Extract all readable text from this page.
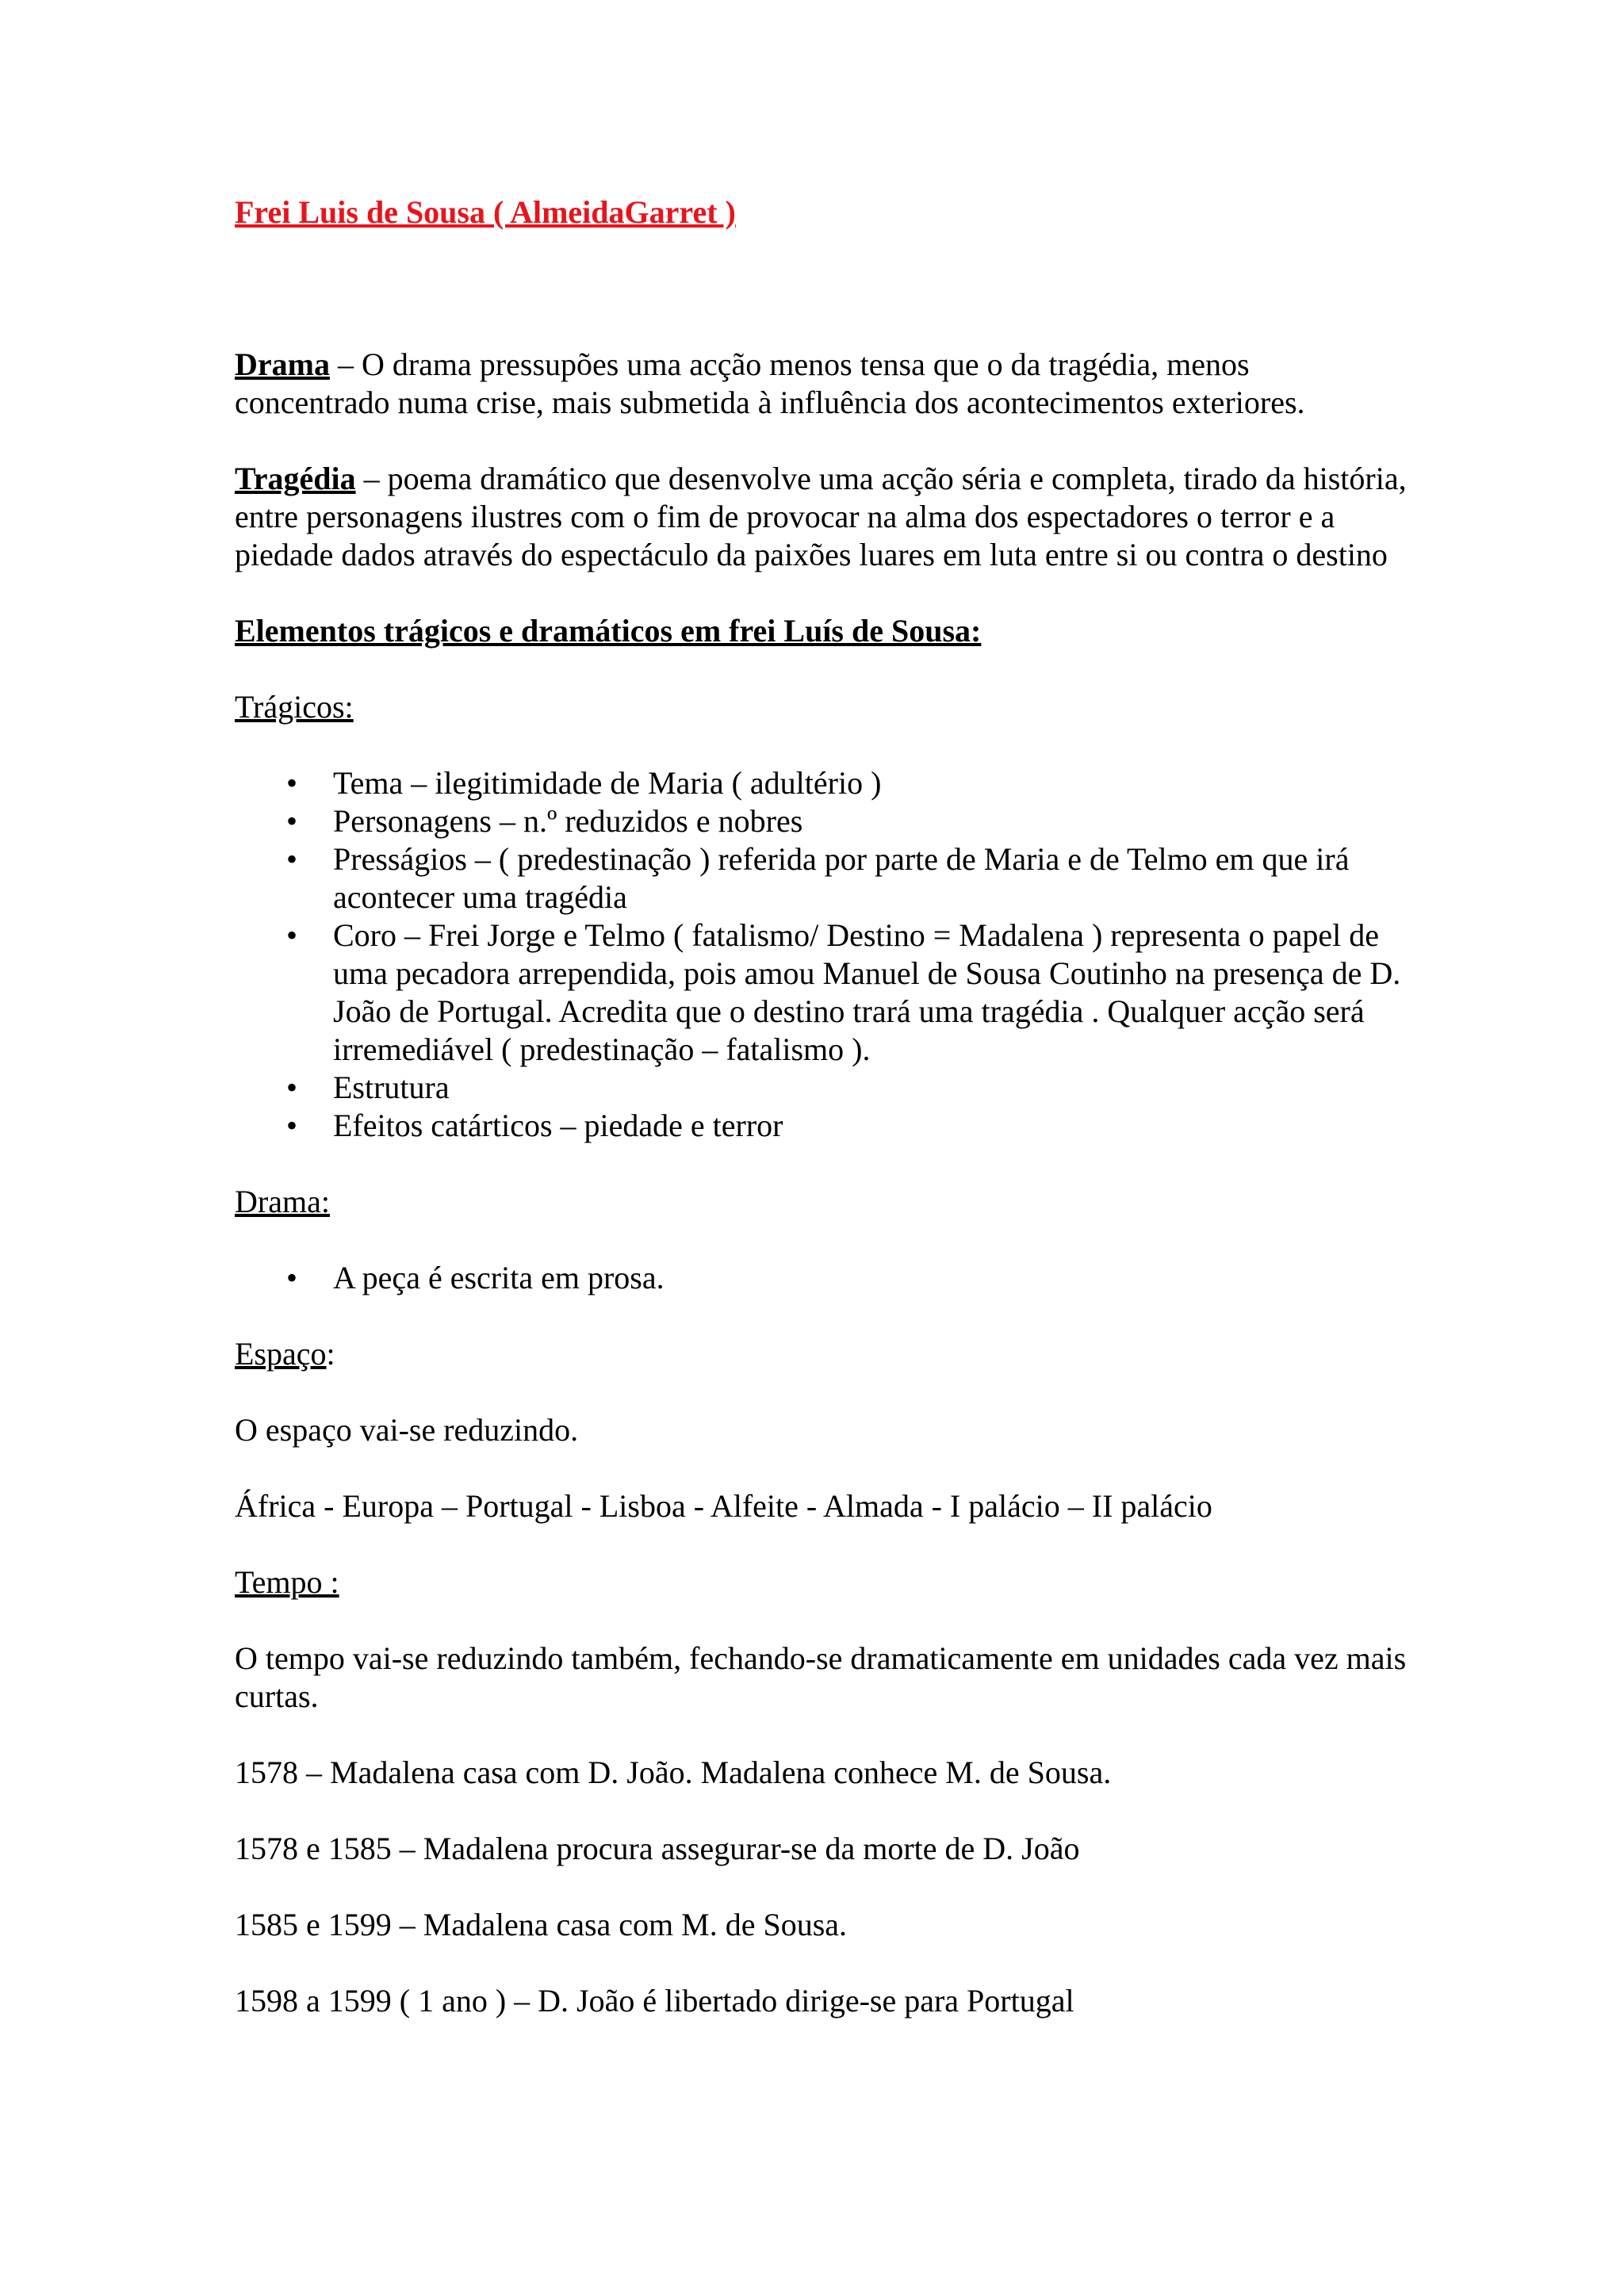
Frei Luis de Sousa ( AlmeidaGarret )

Drama – O drama pressupões uma acção menos tensa que o da tragédia, menos concentrado numa crise, mais submetida à influência dos acontecimentos exteriores.

Tragédia – poema dramático que desenvolve uma acção séria e completa, tirado da história, entre personagens ilustres com o fim de provocar na alma dos espectadores o terror e a piedade dados através do espectáculo da paixões luares em luta entre si ou contra o destino

Elementos trágicos e dramáticos em frei Luís de Sousa:

Trágicos:

• Tema – ilegitimidade de Maria ( adultério )
• Personagens – n.º reduzidos e nobres
• Presságios – ( predestinação ) referida por parte de Maria e de Telmo em que irá acontecer uma tragédia
• Coro – Frei Jorge e Telmo ( fatalismo/ Destino = Madalena ) representa o papel de uma pecadora arrependida, pois amou Manuel de Sousa Coutinho na presença de D. João de Portugal. Acredita que o destino trará uma tragédia . Qualquer acção será irremediável ( predestinação – fatalismo ).
• Estrutura
• Efeitos catárticos – piedade e terror

Drama:

• A peça é escrita em prosa.

Espaço:

O espaço vai-se reduzindo.

África - Europa – Portugal - Lisboa - Alfeite - Almada - I palácio – II palácio

Tempo :

O tempo vai-se reduzindo também, fechando-se dramaticamente em unidades cada vez mais curtas.

1578 – Madalena casa com D. João. Madalena conhece M. de Sousa.

1578 e 1585 – Madalena procura assegurar-se da morte de D. João

1585 e 1599 – Madalena casa com M. de Sousa.

1598 a 1599 ( 1 ano ) – D. João é libertado dirige-se para Portugal
